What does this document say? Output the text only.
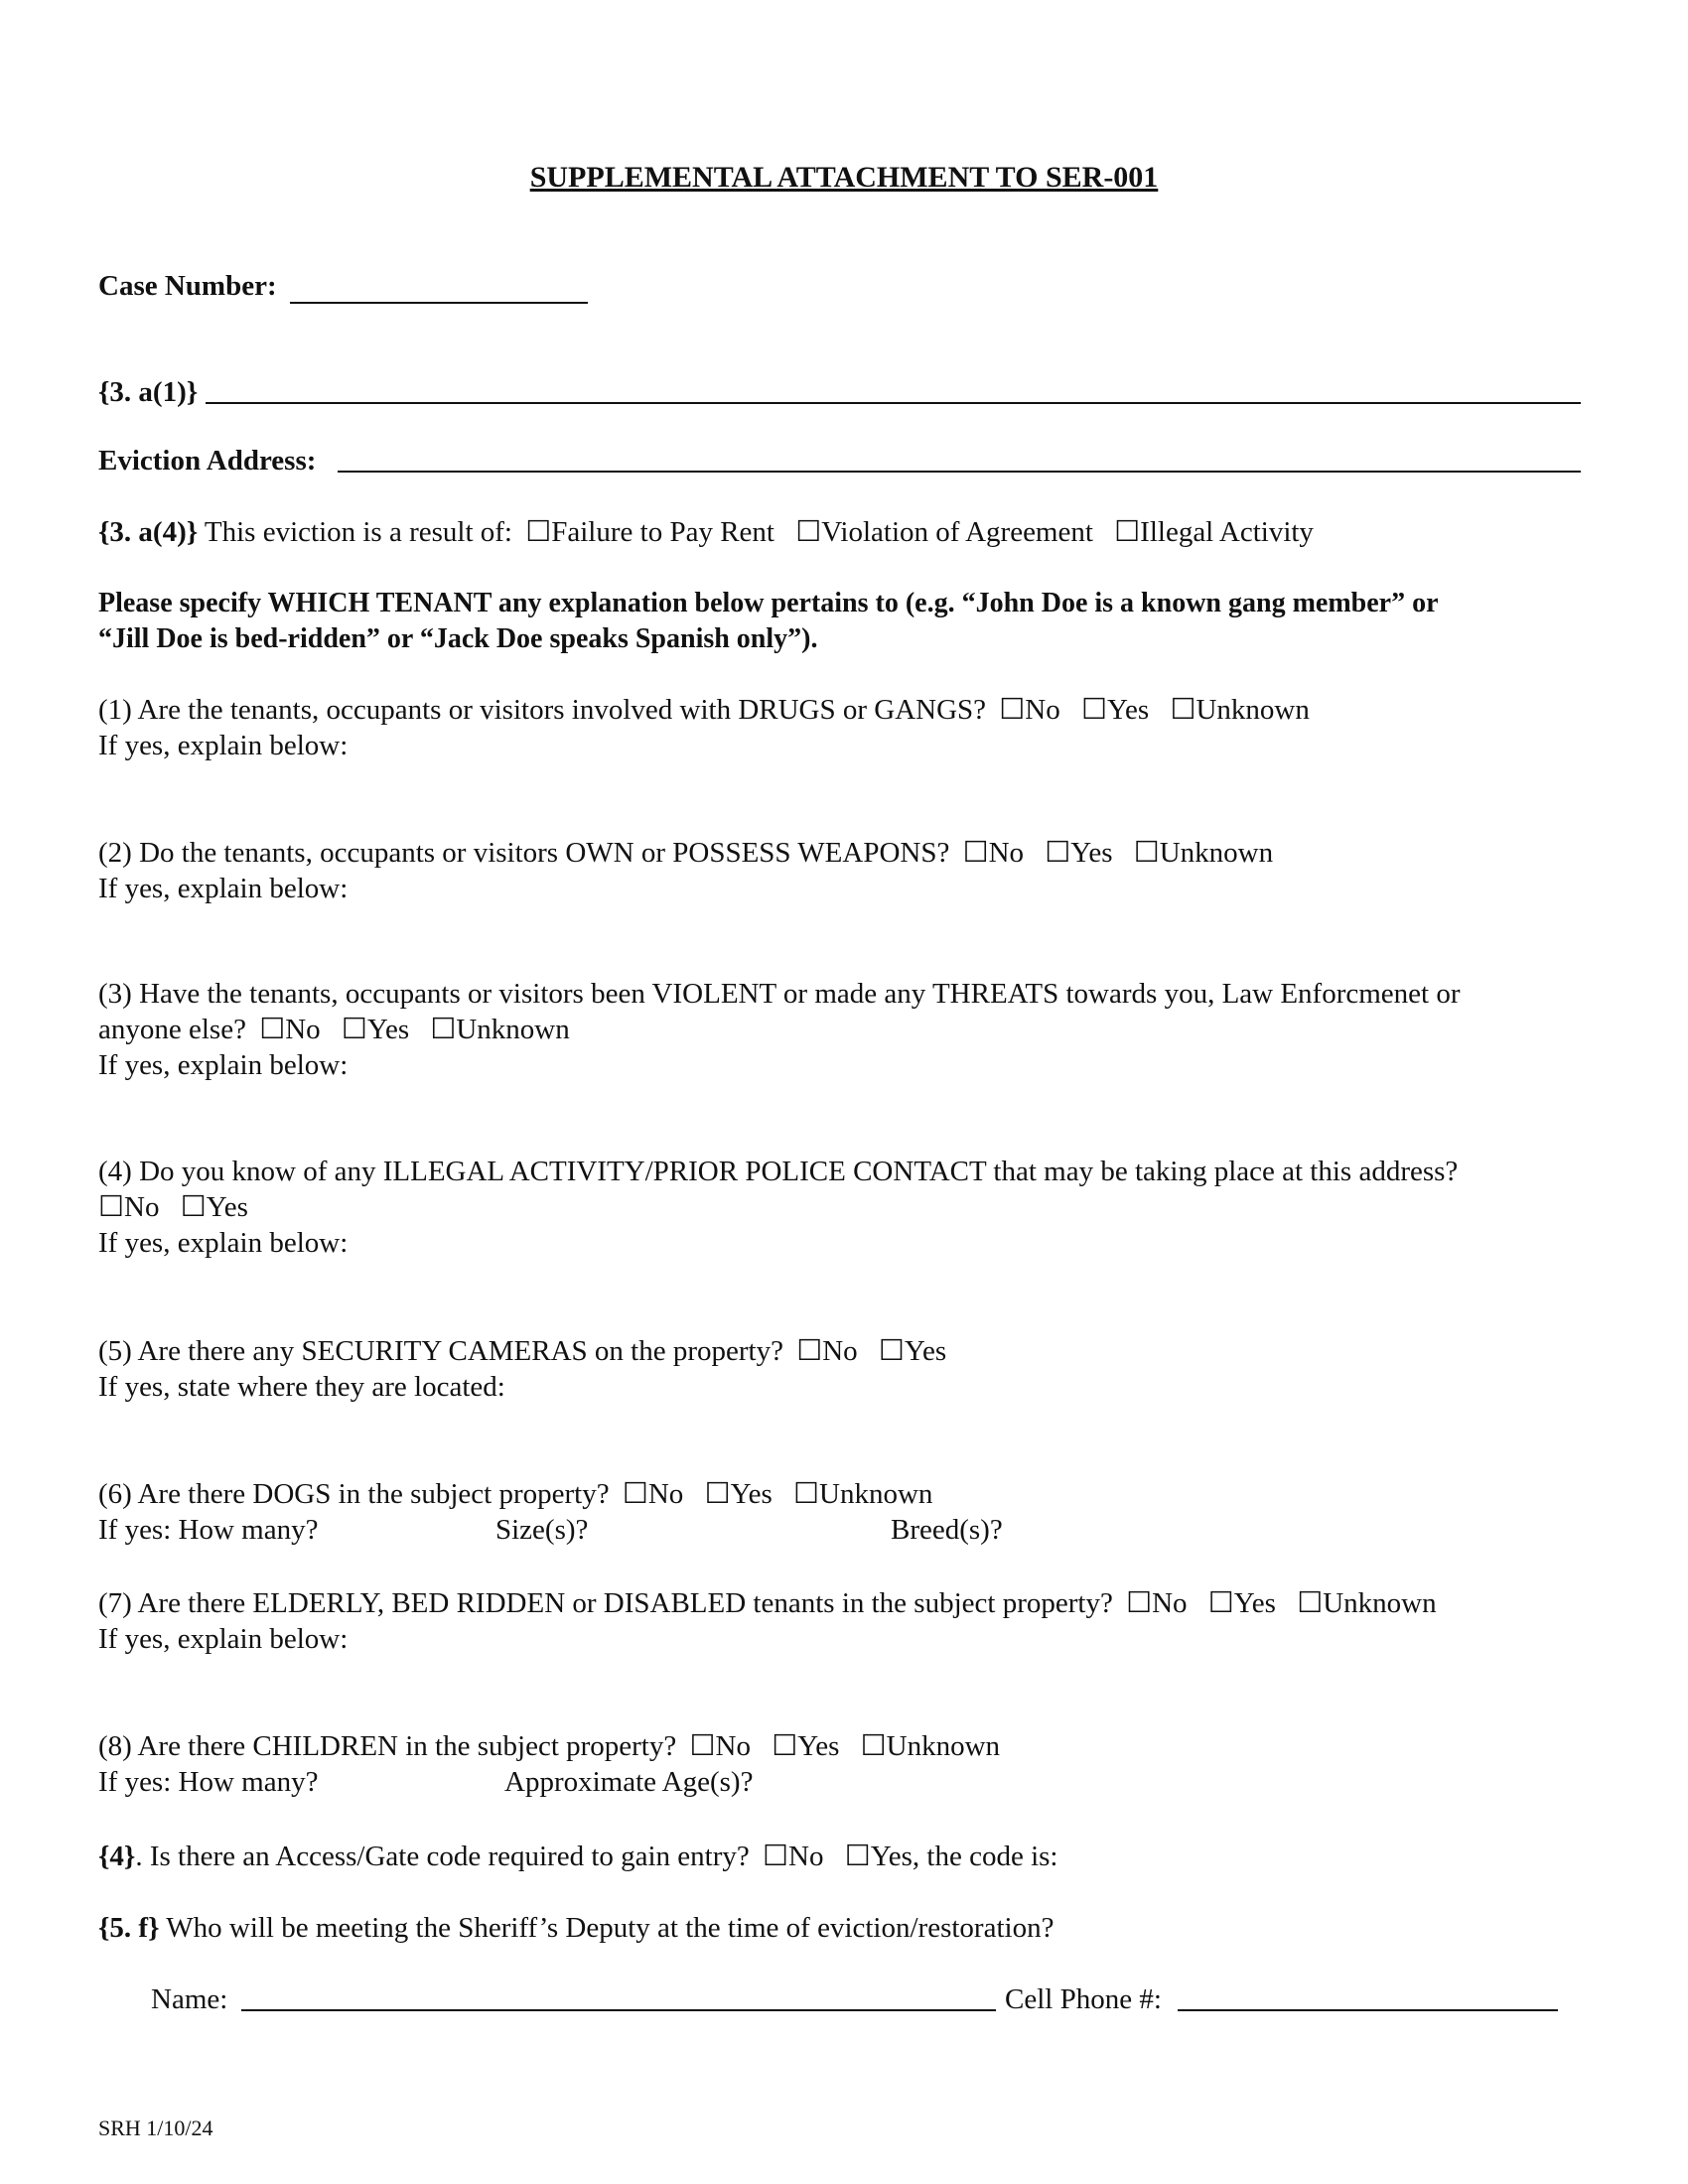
SUPPLEMENTAL ATTACHMENT TO SER-001
Case Number:
{3. a(1)}
Eviction Address:
{3. a(4)} This eviction is a result of: ☐Failure to Pay Rent ☐Violation of Agreement ☐Illegal Activity
Please specify WHICH TENANT any explanation below pertains to (e.g. “John Doe is a known gang member” or
“Jill Doe is bed-ridden” or “Jack Doe speaks Spanish only”).
(1) Are the tenants, occupants or visitors involved with DRUGS or GANGS? ☐No ☐Yes ☐Unknown
If yes, explain below:
(2) Do the tenants, occupants or visitors OWN or POSSESS WEAPONS? ☐No ☐Yes ☐Unknown
If yes, explain below:
(3) Have the tenants, occupants or visitors been VIOLENT or made any THREATS towards you, Law Enforcmenet or
anyone else? ☐No ☐Yes ☐Unknown
If yes, explain below:
(4) Do you know of any ILLEGAL ACTIVITY/PRIOR POLICE CONTACT that may be taking place at this address?
☐No ☐Yes
If yes, explain below:
(5) Are there any SECURITY CAMERAS on the property? ☐No ☐Yes
If yes, state where they are located:
(6) Are there DOGS in the subject property? ☐No ☐Yes ☐Unknown
If yes: How many?	Size(s)?	Breed(s)?
(7) Are there ELDERLY, BED RIDDEN or DISABLED tenants in the subject property? ☐No ☐Yes ☐Unknown
If yes, explain below:
(8) Are there CHILDREN in the subject property? ☐No ☐Yes ☐Unknown
If yes: How many?	Approximate Age(s)?
{4}. Is there an Access/Gate code required to gain entry? ☐No ☐Yes, the code is:
{5. f} Who will be meeting the Sheriff’s Deputy at the time of eviction/restoration?
Name:	Cell Phone #:
SRH 1/10/24
